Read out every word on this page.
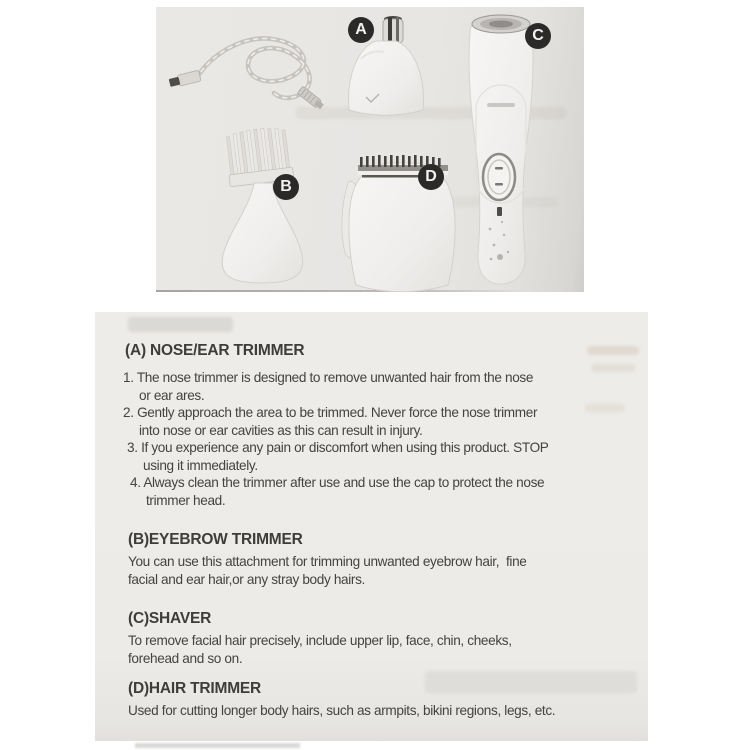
A
B
C
D
(A) NOSE/EAR TRIMMER
1. The nose trimmer is designed to remove unwanted hair from the nose
or ear ares.
2. Gently approach the area to be trimmed. Never force the nose trimmer
into nose or ear cavities as this can result in injury.
3. If you experience any pain or discomfort when using this product. STOP
using it immediately.
4. Always clean the trimmer after use and use the cap to protect the nose
trimmer head.
(B)EYEBROW TRIMMER
You can use this attachment for trimming unwanted eyebrow hair,  fine
facial and ear hair,or any stray body hairs.
(C)SHAVER
To remove facial hair precisely, include upper lip, face, chin, cheeks,
forehead and so on.
(D)HAIR TRIMMER
Used for cutting longer body hairs, such as armpits, bikini regions, legs, etc.
